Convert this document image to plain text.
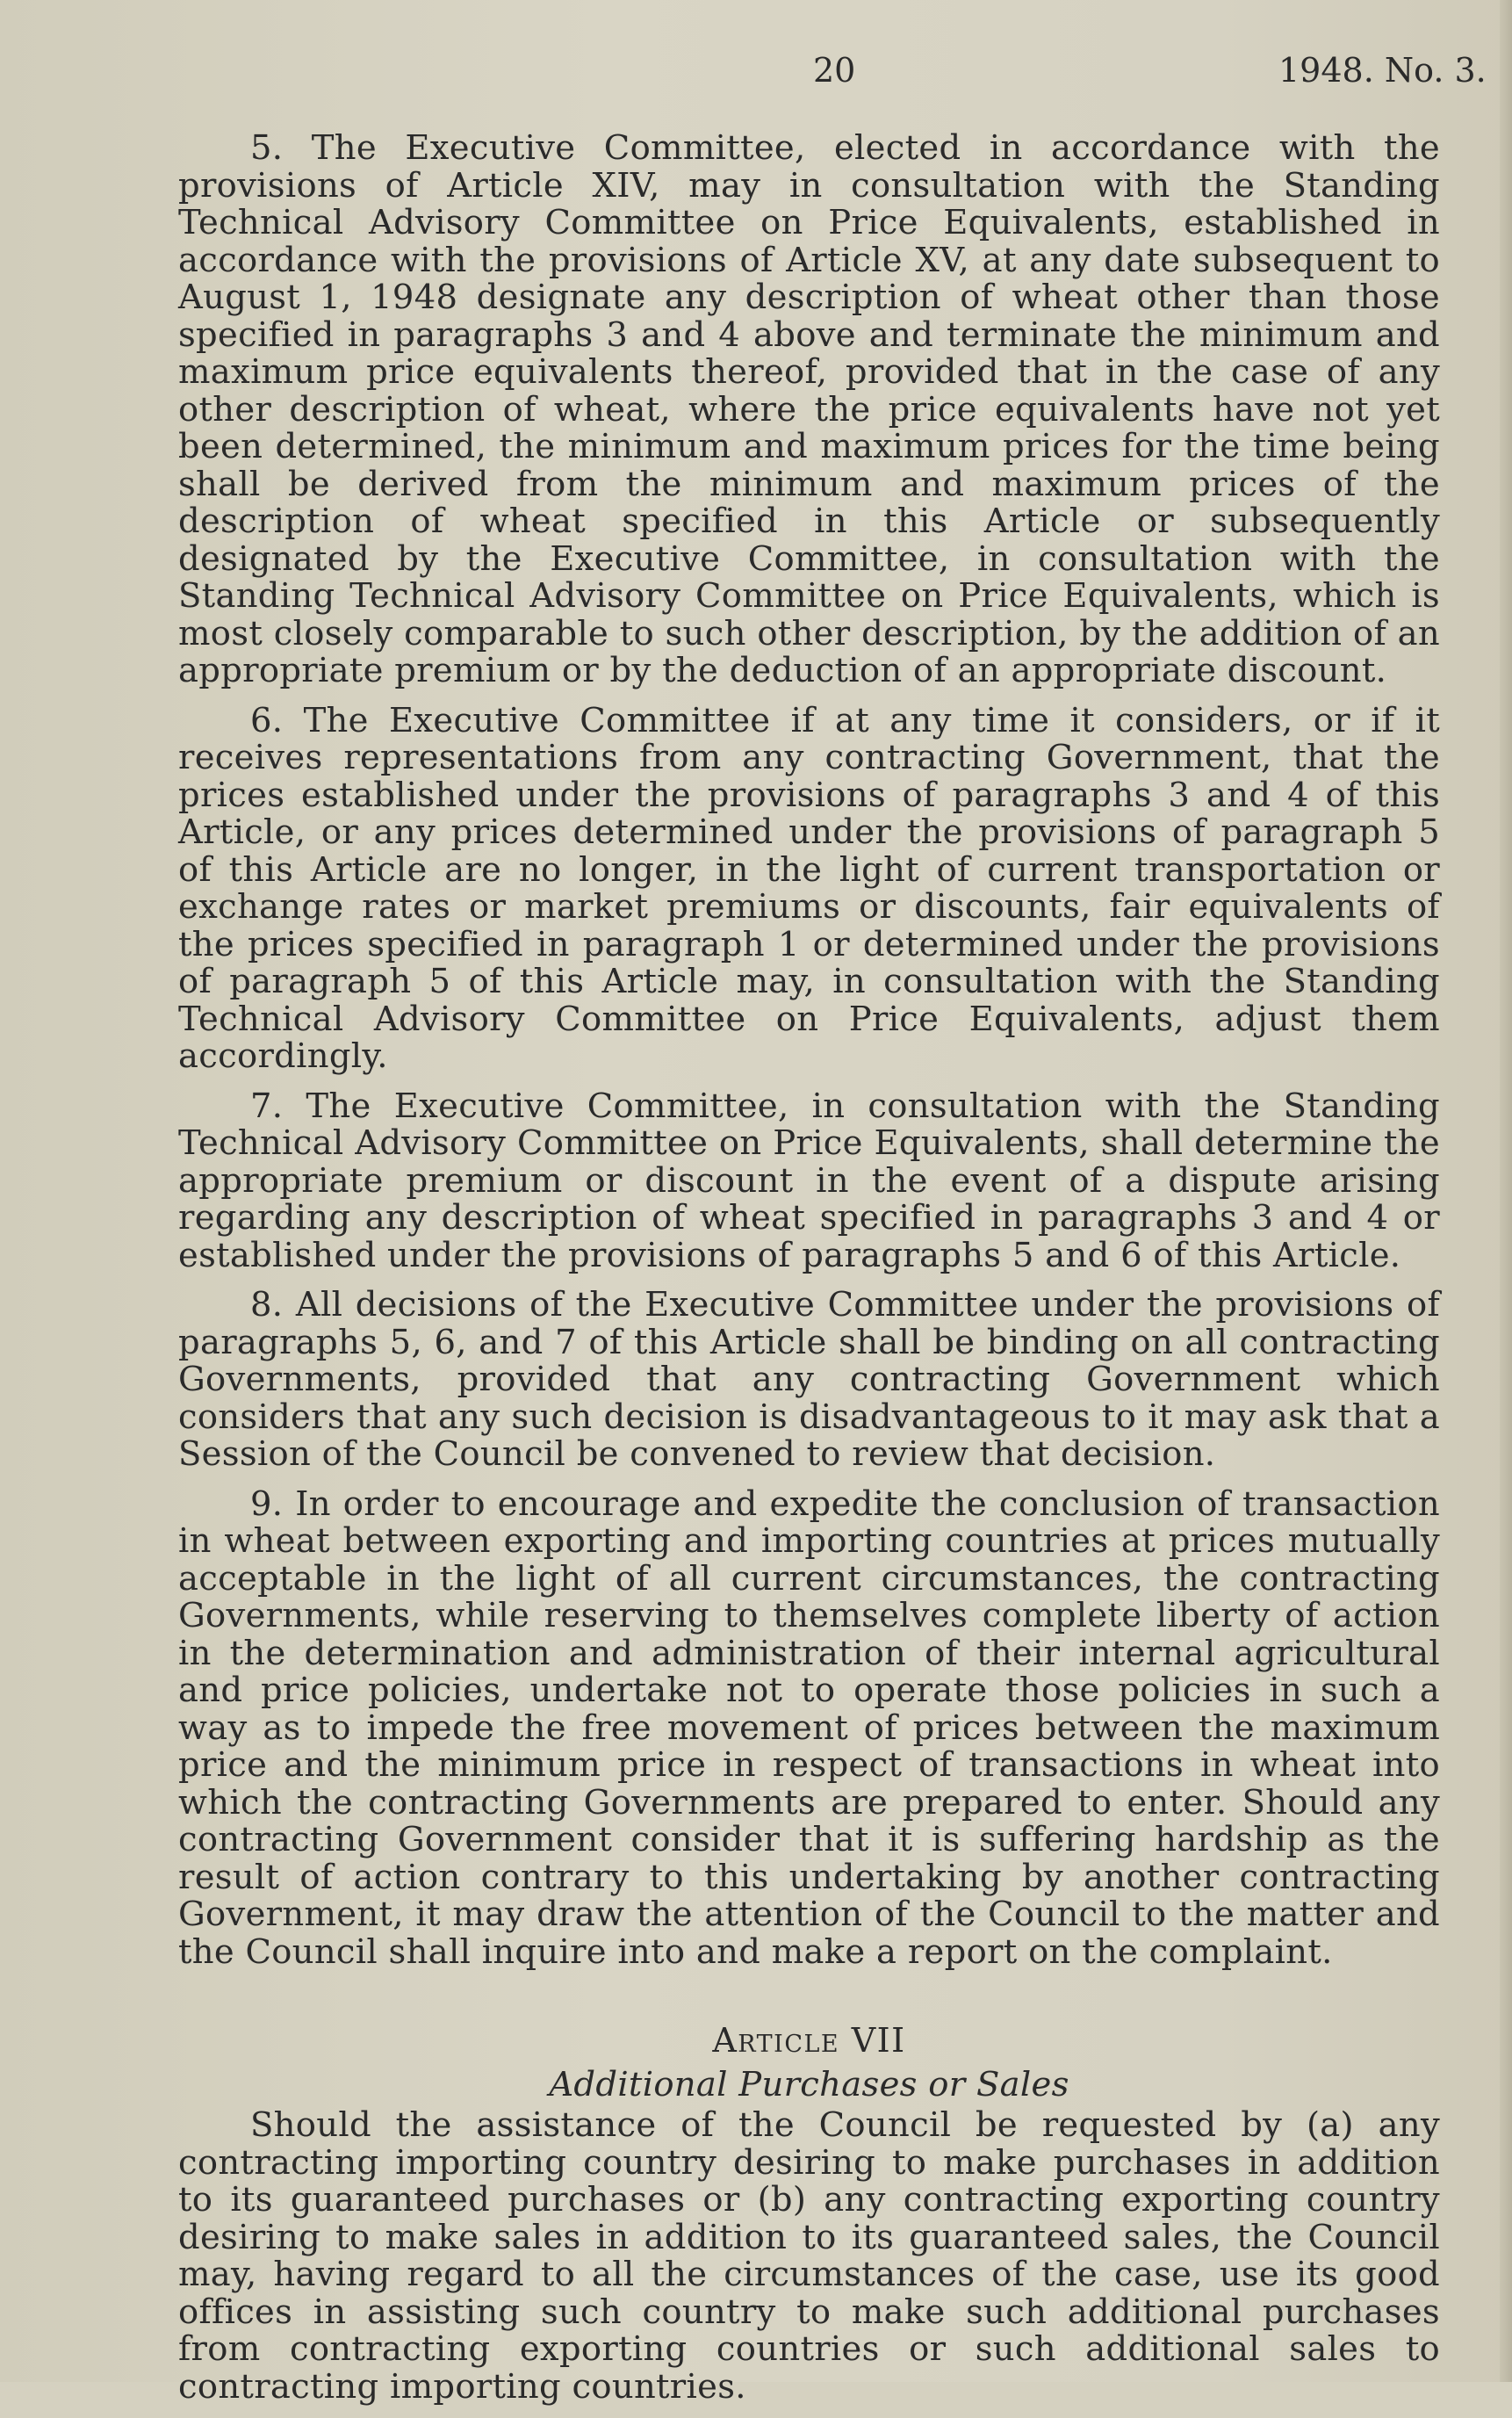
20	1948. No. 3.

5. The Executive Committee, elected in accordance with the provisions of Article XIV, may in consultation with the Standing Technical Advisory Committee on Price Equivalents, established in accordance with the provisions of Article XV, at any date subsequent to August 1, 1948 designate any description of wheat other than those specified in paragraphs 3 and 4 above and terminate the minimum and maximum price equivalents thereof, provided that in the case of any other description of wheat, where the price equivalents have not yet been determined, the minimum and maximum prices for the time being shall be derived from the minimum and maximum prices of the description of wheat specified in this Article or subsequently designated by the Executive Committee, in consultation with the Standing Technical Advisory Committee on Price Equivalents, which is most closely comparable to such other description, by the addition of an appropriate premium or by the deduction of an appropriate discount.

6. The Executive Committee if at any time it considers, or if it receives representations from any contracting Government, that the prices established under the provisions of paragraphs 3 and 4 of this Article, or any prices determined under the provisions of paragraph 5 of this Article are no longer, in the light of current transportation or exchange rates or market premiums or discounts, fair equivalents of the prices specified in paragraph 1 or determined under the provisions of paragraph 5 of this Article may, in consultation with the Standing Technical Advisory Committee on Price Equivalents, adjust them accordingly.

7. The Executive Committee, in consultation with the Standing Technical Advisory Committee on Price Equivalents, shall determine the appropriate premium or discount in the event of a dispute arising regarding any description of wheat specified in paragraphs 3 and 4 or established under the provisions of paragraphs 5 and 6 of this Article.

8. All decisions of the Executive Committee under the provisions of paragraphs 5, 6, and 7 of this Article shall be binding on all contracting Governments, provided that any contracting Government which considers that any such decision is disadvantageous to it may ask that a Session of the Council be convened to review that decision.

9. In order to encourage and expedite the conclusion of transaction in wheat between exporting and importing countries at prices mutually acceptable in the light of all current circumstances, the contracting Governments, while reserving to themselves complete liberty of action in the determination and administration of their internal agricultural and price policies, undertake not to operate those policies in such a way as to impede the free movement of prices between the maximum price and the minimum price in respect of transactions in wheat into which the contracting Governments are prepared to enter. Should any contracting Government consider that it is suffering hardship as the result of action contrary to this undertaking by another contracting Government, it may draw the attention of the Council to the matter and the Council shall inquire into and make a report on the complaint.

Article VII
Additional Purchases or Sales

Should the assistance of the Council be requested by (a) any contracting importing country desiring to make purchases in addition to its guaranteed purchases or (b) any contracting exporting country desiring to make sales in addition to its guaranteed sales, the Council may, having regard to all the circumstances of the case, use its good offices in assisting such country to make such additional purchases from contracting exporting countries or such additional sales to contracting importing countries.
